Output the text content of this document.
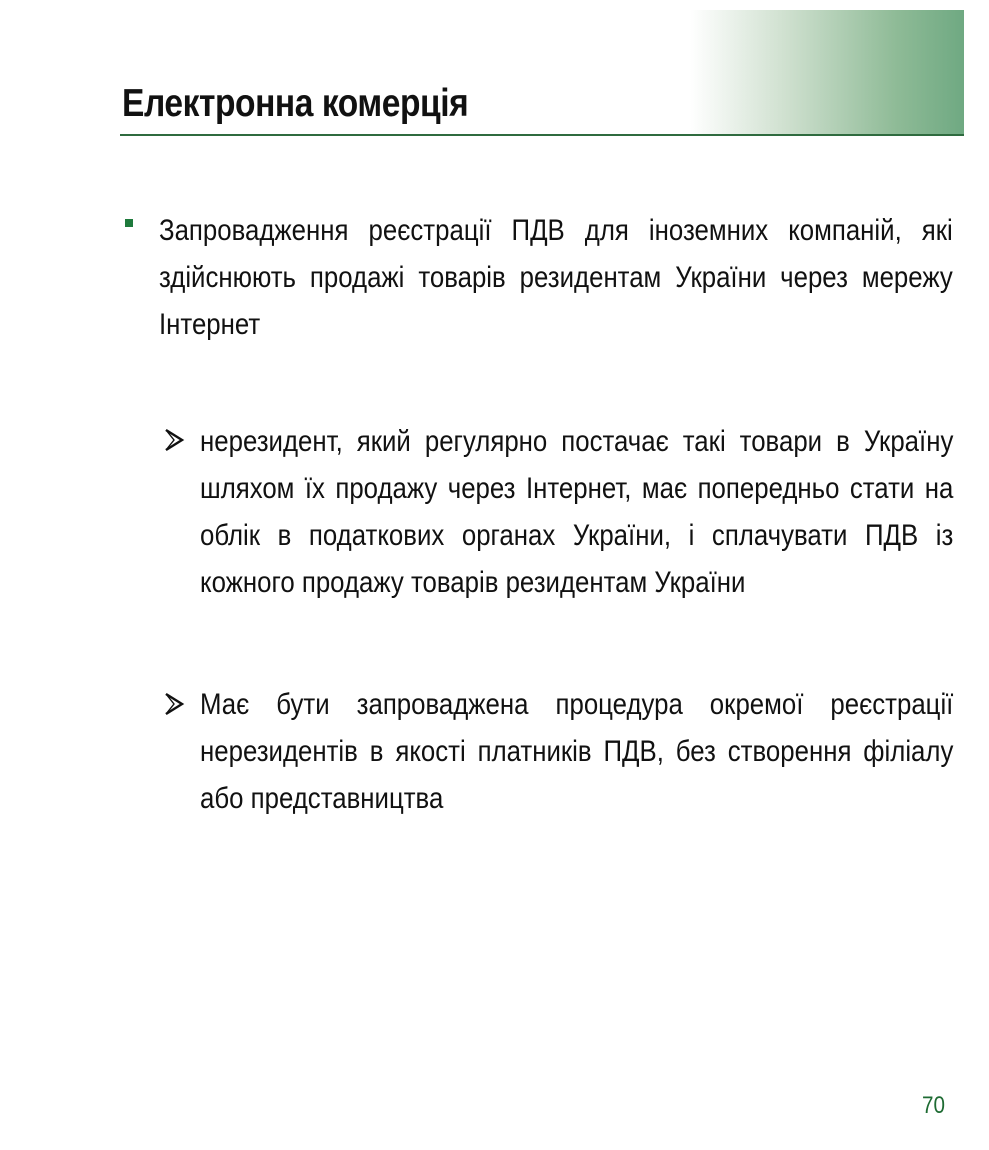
Електронна комерція
Запровадження реєстрації ПДВ для іноземних компаній, які здійснюють продажі товарів резидентам України через мережу Інтернет
нерезидент, який регулярно постачає такі товари в Україну шляхом їх продажу через Інтернет, має попередньо стати на облік в податкових органах України, і сплачувати ПДВ із кожного продажу товарів резидентам України
Має бути запроваджена процедура окремої реєстрації нерезидентів в якості платників ПДВ, без створення філіалу або представництва
70
